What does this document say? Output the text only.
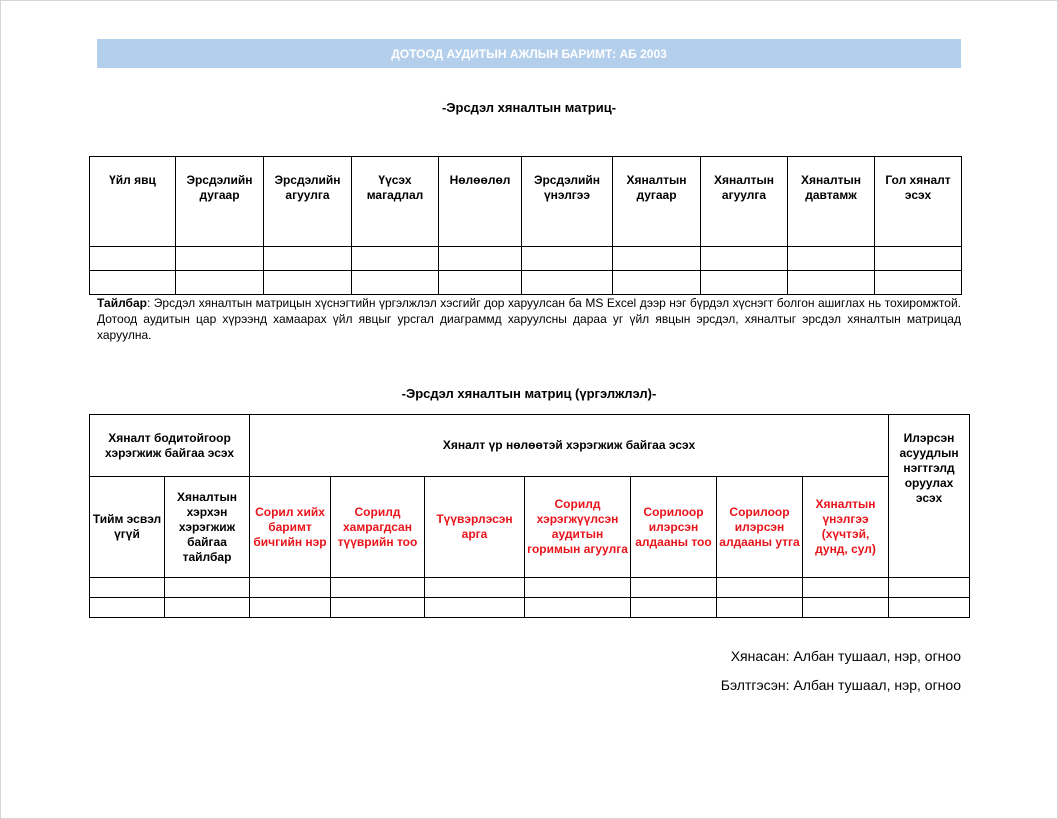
ДОТООД АУДИТЫН АЖЛЫН БАРИМТ: АБ 2003
-Эрсдэл хяналтын матриц-
Үйл явц	Эрсдэлийн дугаар	Эрсдэлийн агуулга	Үүсэх магадлал	Нөлөөлөл	Эрсдэлийн үнэлгээ	Хяналтын дугаар	Хяналтын агуулга	Хяналтын давтамж	Гол хяналт эсэх

Тайлбар: Эрсдэл хяналтын матрицын хүснэгтийн үргэлжлэл хэсгийг дор харуулсан ба MS Excel дээр нэг бүрдэл хүснэгт болгон ашиглах нь тохиромжтой. Дотоод аудитын цар хүрээнд хамаарах үйл явцыг урсгал диаграммд харуулсны дараа уг үйл явцын эрсдэл, хяналтыг эрсдэл хяналтын матрицад харуулна.
-Эрсдэл хяналтын матриц (үргэлжлэл)-
Хяналт бодитойгоор хэрэгжиж байгаа эсэх		Хяналт үр нөлөөтэй хэрэгжиж байгаа эсэх							Илэрсэн асуудлын нэгтгэлд оруулах эсэх
Тийм эсвэл үгүй	Хяналтын хэрхэн хэрэгжиж байгаа тайлбар	Сорил хийх баримт бичгийн нэр	Сорилд хамрагдсан түүврийн тоо	Түүвэрлэсэн арга	Сорилд хэрэгжүүлсэн аудитын горимын агуулга	Сорилоор илэрсэн алдааны тоо	Сорилоор илэрсэн алдааны утга	Хяналтын үнэлгээ (хүчтэй, дунд, сул)	

Хянасан: Албан тушаал, нэр, огноо
Бэлтгэсэн: Албан тушаал, нэр, огноо
